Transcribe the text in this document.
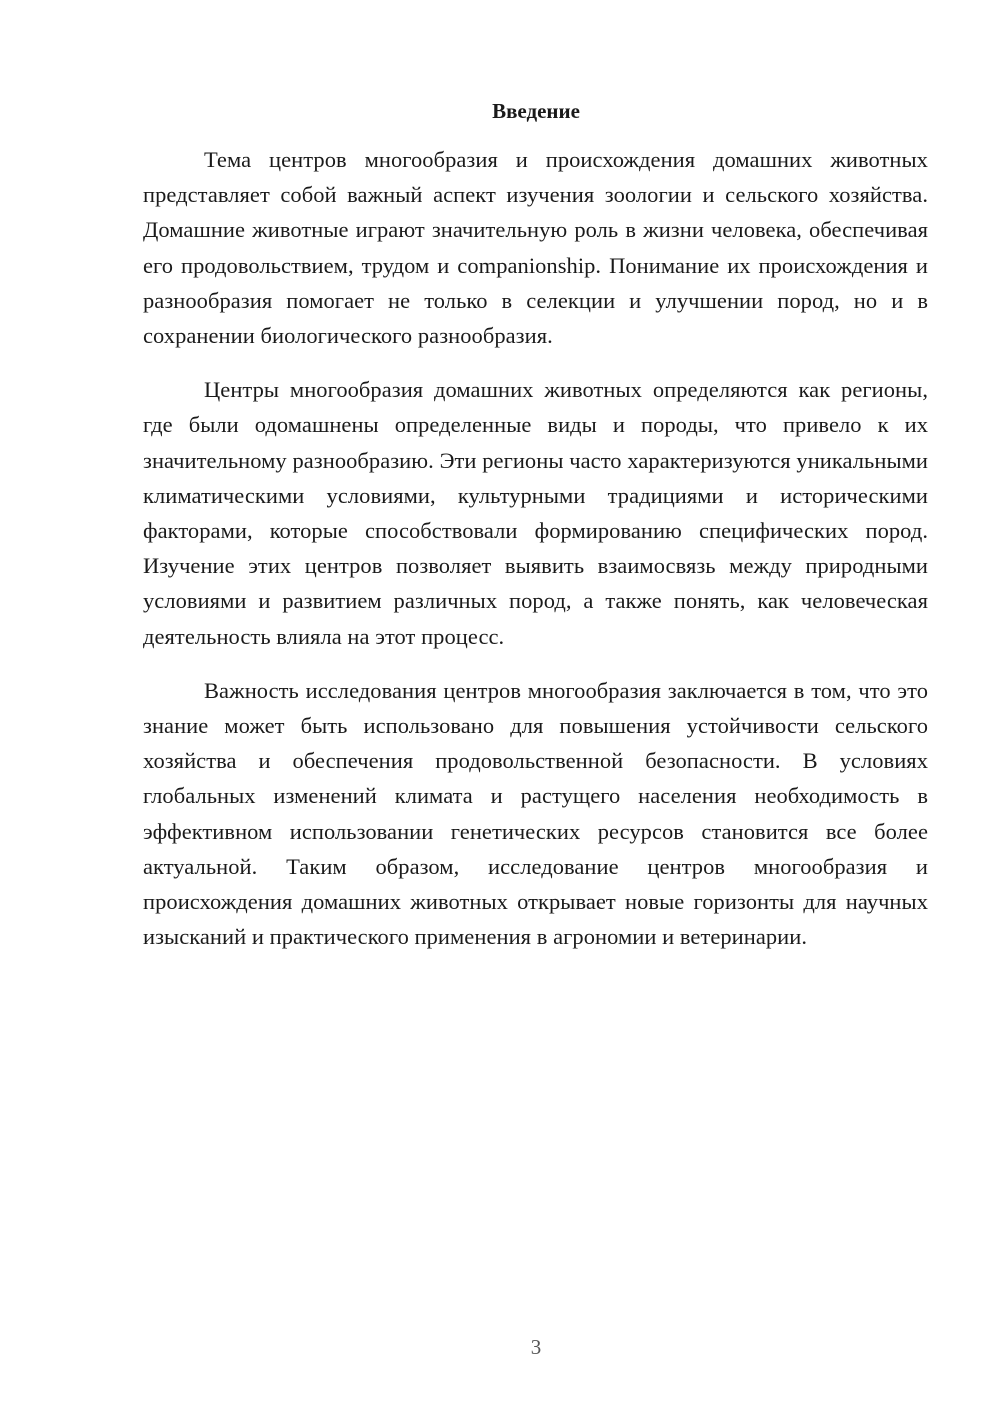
Введение

Тема центров многообразия и происхождения домашних животных представляет собой важный аспект изучения зоологии и сельского хозяйства. Домашние животные играют значительную роль в жизни человека, обеспечивая его продовольствием, трудом и companionship. Понимание их происхождения и разнообразия помогает не только в селекции и улучшении пород, но и в сохранении биологического разнообразия.

Центры многообразия домашних животных определяются как регионы, где были одомашнены определенные виды и породы, что привело к их значительному разнообразию. Эти регионы часто характеризуются уникальными климатическими условиями, культурными традициями и историческими факторами, которые способствовали формированию специфических пород. Изучение этих центров позволяет выявить взаимосвязь между природными условиями и развитием различных пород, а также понять, как человеческая деятельность влияла на этот процесс.

Важность исследования центров многообразия заключается в том, что это знание может быть использовано для повышения устойчивости сельского хозяйства и обеспечения продовольственной безопасности. В условиях глобальных изменений климата и растущего населения необходимость в эффективном использовании генетических ресурсов становится все более актуальной. Таким образом, исследование центров многообразия и происхождения домашних животных открывает новые горизонты для научных изысканий и практического применения в агрономии и ветеринарии.

3
